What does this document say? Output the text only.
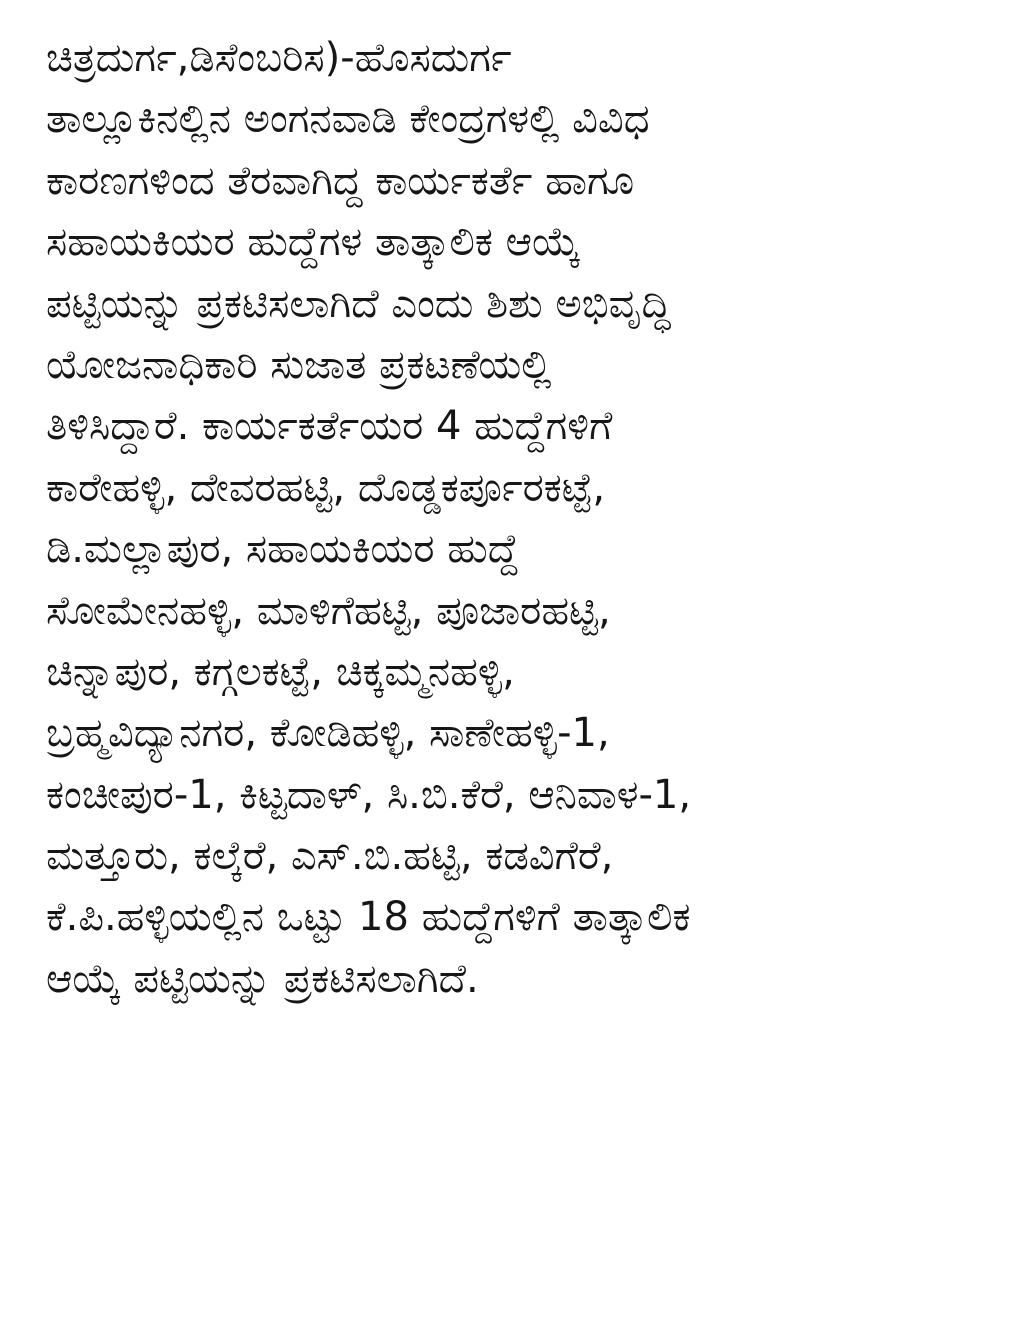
ಚಿತ್ರದುರ್ಗ,ಡಿಸೆಂಬರಿಸ)-ಹೊಸದುರ್ಗ
ತಾಲ್ಲೂಕಿನಲ್ಲಿನ ಅಂಗನವಾಡಿ ಕೇಂದ್ರಗಳಲ್ಲಿ ವಿವಿಧ
ಕಾರಣಗಳಿಂದ ತೆರವಾಗಿದ್ದ ಕಾರ್ಯಕರ್ತೆ ಹಾಗೂ
ಸಹಾಯಕಿಯರ ಹುದ್ದೆಗಳ ತಾತ್ಕಾಲಿಕ ಆಯ್ಕೆ
ಪಟ್ಟಿಯನ್ನು ಪ್ರಕಟಿಸಲಾಗಿದೆ ಎಂದು ಶಿಶು ಅಭಿವೃದ್ಧಿ
ಯೋಜನಾಧಿಕಾರಿ ಸುಜಾತ ಪ್ರಕಟಣೆಯಲ್ಲಿ
ತಿಳಿಸಿದ್ದಾರೆ. ಕಾರ್ಯಕರ್ತೆಯರ 4 ಹುದ್ದೆಗಳಿಗೆ
ಕಾರೇಹಳ್ಳಿ, ದೇವರಹಟ್ಟಿ, ದೊಡ್ಡಕರ್ಪೂರಕಟ್ಟೆ,
ಡಿ.ಮಲ್ಲಾಪುರ, ಸಹಾಯಕಿಯರ ಹುದ್ದೆ
ಸೋಮೇನಹಳ್ಳಿ, ಮಾಳಿಗೆಹಟ್ಟಿ, ಪೂಜಾರಹಟ್ಟಿ,
ಚಿನ್ನಾಪುರ, ಕಗ್ಗಲಕಟ್ಟೆ, ಚಿಕ್ಕಮ್ಮನಹಳ್ಳಿ,
ಬ್ರಹ್ಮವಿದ್ಯಾನಗರ, ಕೋಡಿಹಳ್ಳಿ, ಸಾಣೇಹಳ್ಳಿ-1,
ಕಂಚೀಪುರ-1, ಕಿಟ್ಟದಾಳ್, ಸಿ.ಬಿ.ಕೆರೆ, ಆನಿವಾಳ-1,
ಮತ್ತೂರು, ಕಲ್ಕೆರೆ, ಎಸ್.ಬಿ.ಹಟ್ಟಿ, ಕಡವಿಗೆರೆ,
ಕೆ.ಪಿ.ಹಳ್ಳಿಯಲ್ಲಿನ ಒಟ್ಟು 18 ಹುದ್ದೆಗಳಿಗೆ ತಾತ್ಕಾಲಿಕ
ಆಯ್ಕೆ ಪಟ್ಟಿಯನ್ನು ಪ್ರಕಟಿಸಲಾಗಿದೆ.
